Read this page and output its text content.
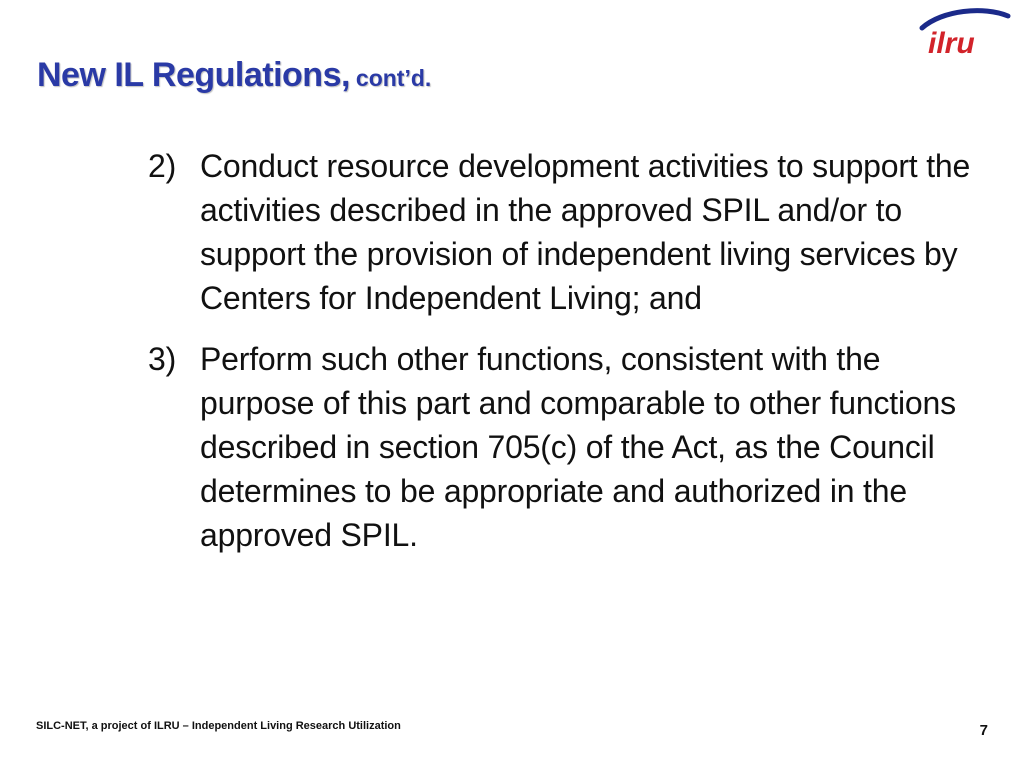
New IL Regulations, cont’d.
ilru
2) Conduct resource development activities to support the activities described in the approved SPIL and/or to support the provision of independent living services by Centers for Independent Living; and
3) Perform such other functions, consistent with the purpose of this part and comparable to other functions described in section 705(c) of the Act, as the Council determines to be appropriate and authorized in the approved SPIL.
SILC-NET, a project of ILRU – Independent Living Research Utilization	7
